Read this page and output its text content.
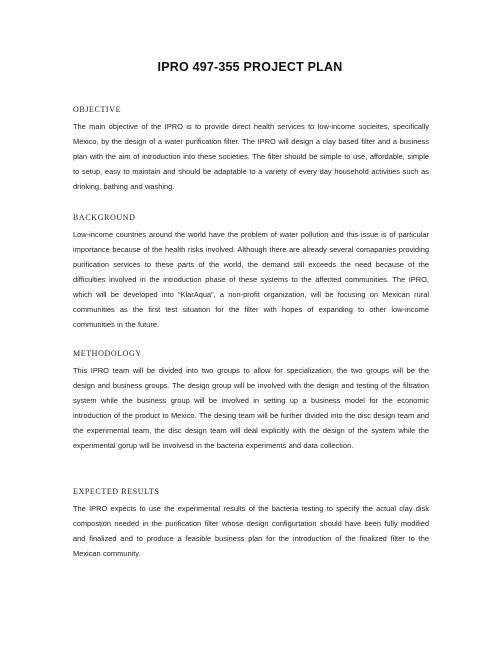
IPRO 497-355 PROJECT PLAN
OBJECTIVE

The main objective of the IPRO is to provide direct health services to low-income socieites, specifically Mexico, by the design of a water purification filter. The IPRO will design a clay based filter and a business plan with the aim of introduction into these societies. The filter should be simple to use, affordable, simple to setup, easy to maintain and should be adaptable to a variety of every day household activities such as drinking, bathing and washing.

BACKGROUND

Low-income countries around the world have the problem of water pollution and this issue is of particular importance because of the health risks involved. Although there are already several comapanies providing purification services to these parts of the world, the demand still exceeds the need because of the difficulties involved in the introduction phase of these systems to the affected communities. The IPRO, which will be developed into “KlarAqua”, a non-profit organization, will be focusing on Mexican rural communities as the first test situation for the filter with hopes of expanding to other low-income communities in the future.

METHODOLOGY

This IPRO team will be divided into two groups to allow for specialization, the two groups will be the design and business groups. The design group will be involved with the design and testing of the filtration system while the business group will be involved in setting up a business model for the economic introduction of the product to Mexico. The desing team will be further divided into the disc design team and the experimental team, the disc design team will deal explicitly with the design of the system while the experimental gorup will be involvesd in the bacteria experiments and data collection.

EXPECTED RESULTS

The IPRO expects to use the experimental results of the bacteria testing to specify the actual clay disk compostion needed in the purification filter whose design configurtation should have been fully modified and finalized and to produce a feasible business plan for the introduction of the finalized filter to the Mexican community.
